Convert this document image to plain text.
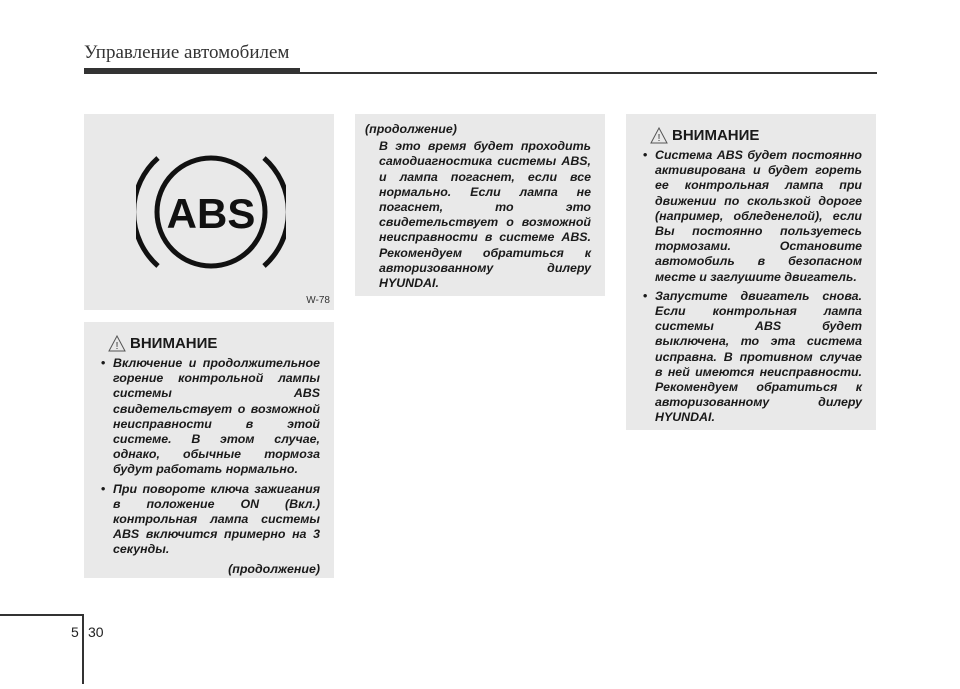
Управление автомобилем
ABS
W-78
! ВНИМАНИЕ
• Включение и продолжительное горение контрольной лампы системы ABS свидетельствует о возможной неисправности в этой системе. В этом случае, однако, обычные тормоза будут работать нормально.
• При повороте ключа зажигания в положение ON (Вкл.) контрольная лампа системы ABS включится примерно на 3 секунды.
(продолжение)
(продолжение)
В это время будет проходить самодиагностика системы ABS, и лампа погаснет, если все нормально. Если лампа не погаснет, то это свидетельствует о возможной неисправности в системе ABS. Рекомендуем обратиться к авторизованному дилеру HYUNDAI.
! ВНИМАНИЕ
• Система ABS будет постоянно активирована и будет гореть ее контрольная лампа при движении по скользкой дороге (например, обледенелой), если Вы постоянно пользуетесь тормозами. Остановите автомобиль в безопасном месте и заглушите двигатель.
• Запустите двигатель снова. Если контрольная лампа системы ABS будет выключена, то эта система исправна. В противном случае в ней имеются неисправности. Рекомендуем обратиться к авторизованному дилеру HYUNDAI.
5 30
